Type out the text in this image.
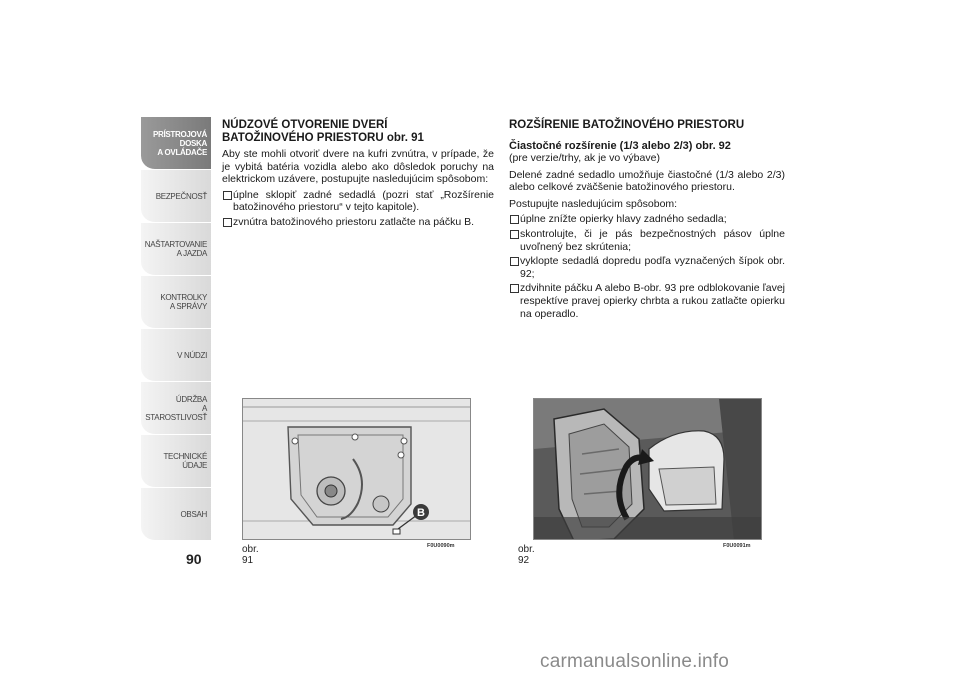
PRÍSTROJOVÁ
DOSKA
A OVLÁDAČE
BEZPEČNOSŤ
NAŠTARTOVANIE
A JAZDA
KONTROLKY
A SPRÁVY
V NÚDZI
ÚDRŽBA
A STAROSTLIVOSŤ
TECHNICKÉ ÚDAJE
OBSAH
90
NÚDZOVÉ OTVORENIE DVERÍ
BATOŽINOVÉHO PRIESTORU obr. 91

Aby ste mohli otvoriť dvere na kufri zvnútra, v prípade, že je vybitá batéria vozidla alebo ako dôsledok poruchy na elektrickom uzávere, postupujte nasledujúcim spôsobom:

úplne sklopiť zadné sedadlá (pozri stať „Rozšírenie batožinového priestoru“ v tejto kapitole).
zvnútra batožinového priestoru zatlačte na páčku B.
ROZŠÍRENIE BATOŽINOVÉHO PRIESTORU
Čiastočné rozšírenie (1/3 alebo 2/3) obr. 92

(pre verzie/trhy, ak je vo výbave)

Delené zadné sedadlo umožňuje čiastočné (1/3 alebo 2/3) alebo celkové zväčšenie batožinového priestoru.

Postupujte nasledujúcim spôsobom:

úplne znížte opierky hlavy zadného sedadla;
skontrolujte, či je pás bezpečnostných pásov úplne uvoľnený bez skrútenia;
vyklopte sedadlá dopredu podľa vyznačených šípok obr. 92;
zdvihnite páčku A alebo B-obr. 93 pre odblokovanie ľavej respektíve pravej opierky chrbta a rukou zatlačte opierku na operadlo.
B
obr. 91
F0U0090m	obr. 92
F0U0091m
carmanualsonline.info
